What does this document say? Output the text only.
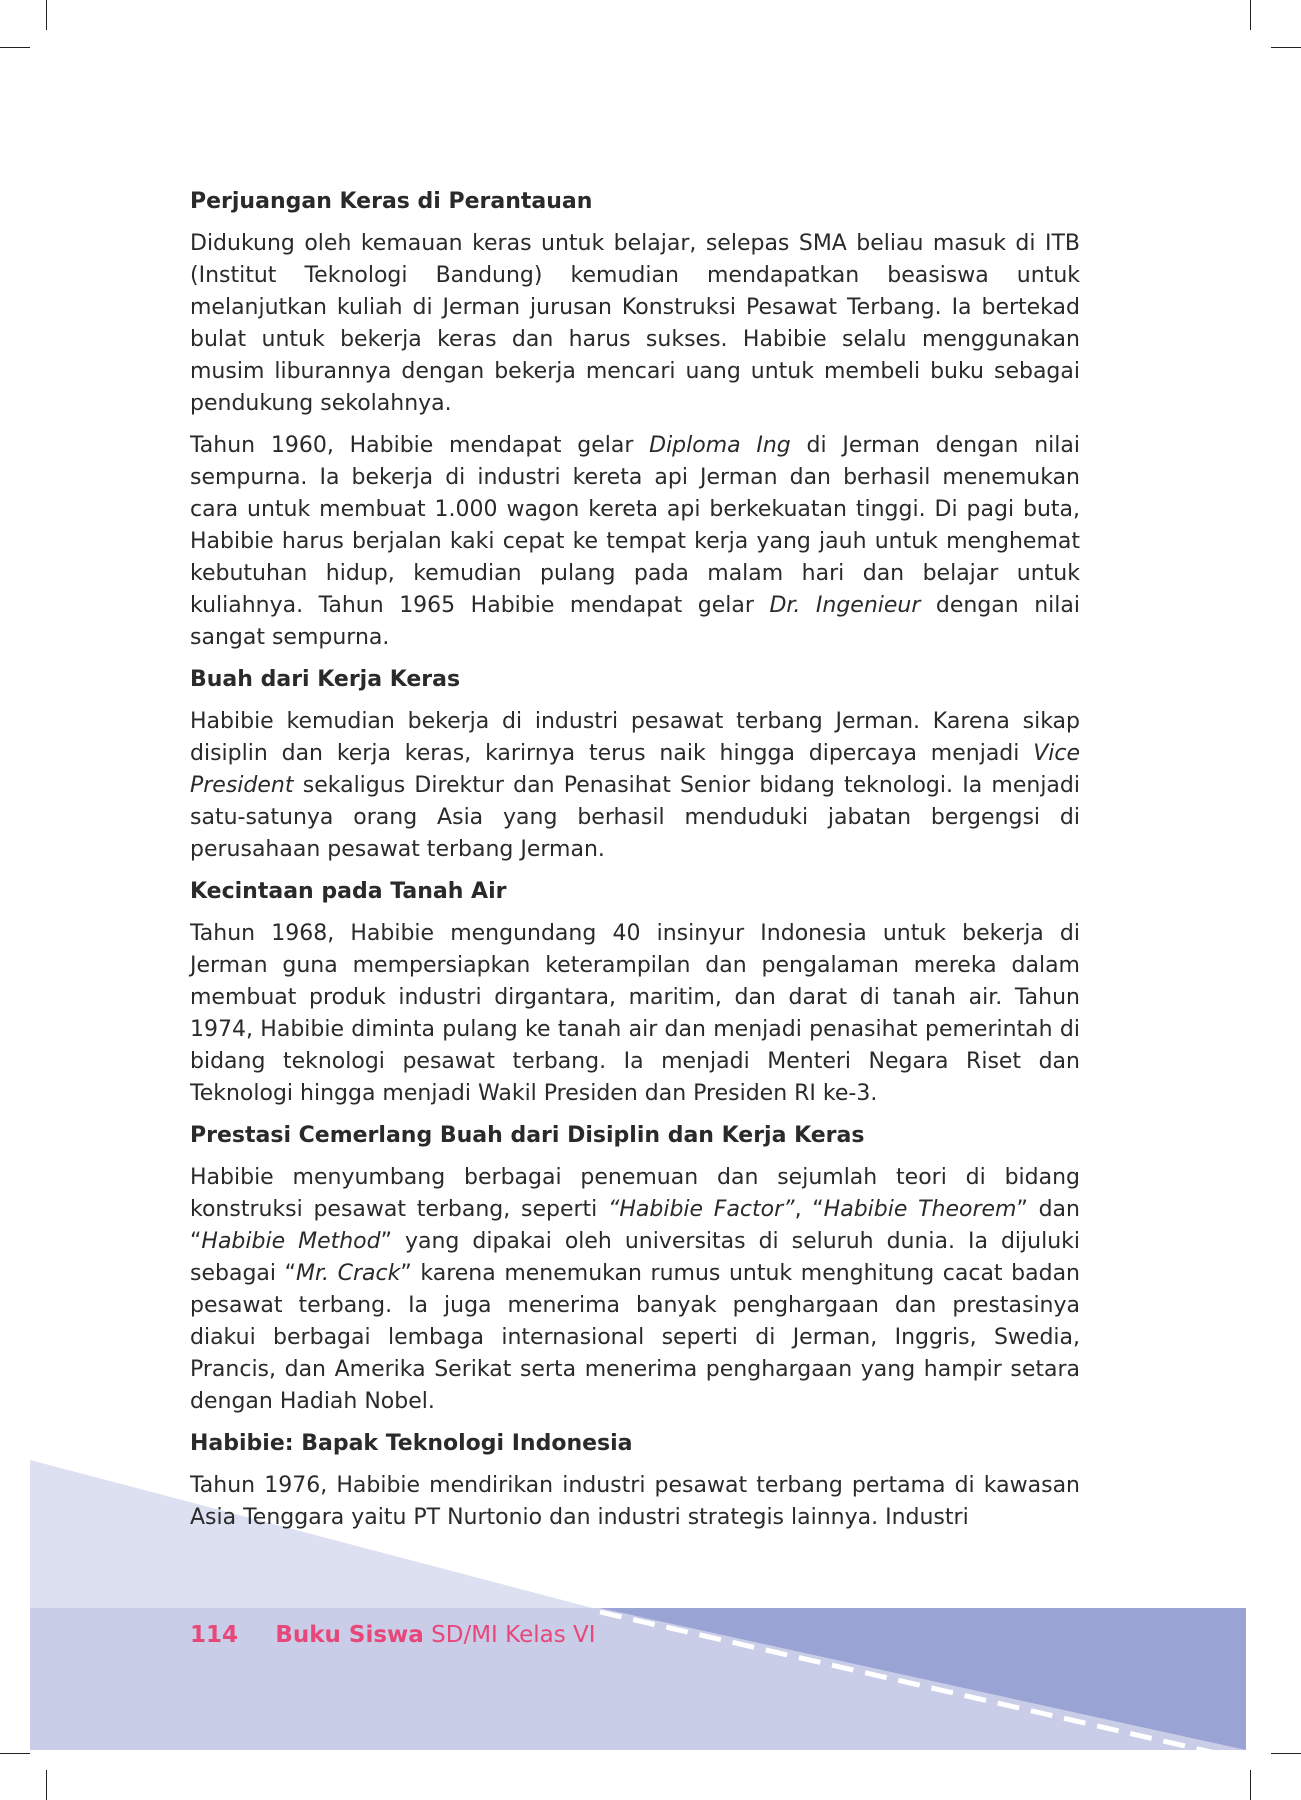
Perjuangan Keras di Perantauan

Didukung oleh kemauan keras untuk belajar, selepas SMA beliau masuk di ITB (Institut Teknologi Bandung) kemudian mendapatkan beasiswa untuk melanjutkan kuliah di Jerman jurusan Konstruksi Pesawat Terbang. Ia bertekad bulat untuk bekerja keras dan harus sukses. Habibie selalu menggunakan musim liburannya dengan bekerja mencari uang untuk membeli buku sebagai pendukung sekolahnya.

Tahun 1960, Habibie mendapat gelar Diploma Ing di Jerman dengan nilai sempurna. Ia bekerja di industri kereta api Jerman dan berhasil menemukan cara untuk membuat 1.000 wagon kereta api berkekuatan tinggi. Di pagi buta, Habibie harus berjalan kaki cepat ke tempat kerja yang jauh untuk menghemat kebutuhan hidup, kemudian pulang pada malam hari dan belajar untuk kuliahnya. Tahun 1965 Habibie mendapat gelar Dr. Ingenieur dengan nilai sangat sempurna.

Buah dari Kerja Keras

Habibie kemudian bekerja di industri pesawat terbang Jerman. Karena sikap disiplin dan kerja keras, karirnya terus naik hingga dipercaya menjadi Vice President sekaligus Direktur dan Penasihat Senior bidang teknologi. Ia menjadi satu-satunya orang Asia yang berhasil menduduki jabatan bergengsi di perusahaan pesawat terbang Jerman.

Kecintaan pada Tanah Air

Tahun 1968, Habibie mengundang 40 insinyur Indonesia untuk bekerja di Jerman guna mempersiapkan keterampilan dan pengalaman mereka dalam membuat produk industri dirgantara, maritim, dan darat di tanah air. Tahun 1974, Habibie diminta pulang ke tanah air dan menjadi penasihat pemerintah di bidang teknologi pesawat terbang. Ia menjadi Menteri Negara Riset dan Teknologi hingga menjadi Wakil Presiden dan Presiden RI ke-3.

Prestasi Cemerlang Buah dari Disiplin dan Kerja Keras

Habibie menyumbang berbagai penemuan dan sejumlah teori di bidang konstruksi pesawat terbang, seperti “Habibie Factor”, “Habibie Theorem” dan “Habibie Method” yang dipakai oleh universitas di seluruh dunia. Ia dijuluki sebagai “Mr. Crack” karena menemukan rumus untuk menghitung cacat badan pesawat terbang. Ia juga menerima banyak penghargaan dan prestasinya diakui berbagai lembaga internasional seperti di Jerman, Inggris, Swedia, Prancis, dan Amerika Serikat serta menerima penghargaan yang hampir setara dengan Hadiah Nobel.

Habibie: Bapak Teknologi Indonesia

Tahun 1976, Habibie mendirikan industri pesawat terbang pertama di kawasan Asia Tenggara yaitu PT Nurtonio dan industri strategis lainnya. Industri

114 Buku Siswa SD/MI Kelas VI
